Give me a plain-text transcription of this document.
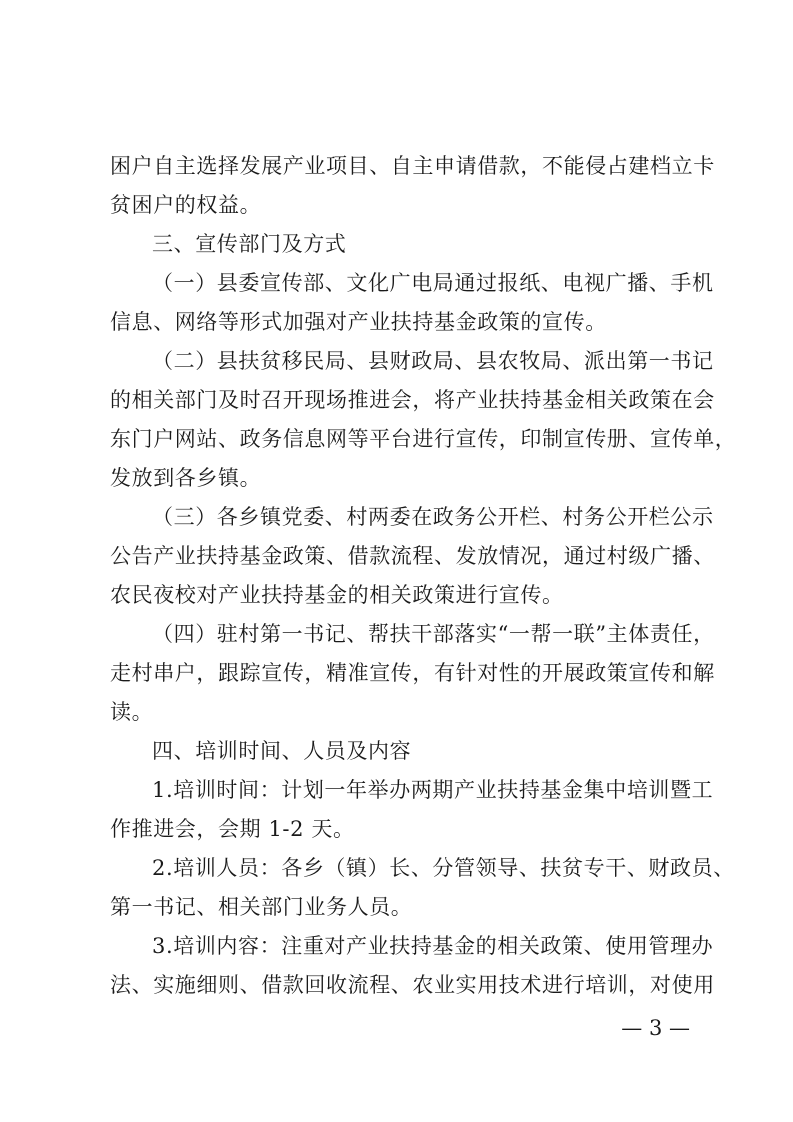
困户自主选择发展产业项目、自主申请借款，不能侵占建档立卡
贫困户的权益。
三、宣传部门及方式
（一）县委宣传部、文化广电局通过报纸、电视广播、手机
信息、网络等形式加强对产业扶持基金政策的宣传。
（二）县扶贫移民局、县财政局、县农牧局、派出第一书记
的相关部门及时召开现场推进会，将产业扶持基金相关政策在会
东门户网站、政务信息网等平台进行宣传，印制宣传册、宣传单，
发放到各乡镇。
（三）各乡镇党委、村两委在政务公开栏、村务公开栏公示
公告产业扶持基金政策、借款流程、发放情况，通过村级广播、
农民夜校对产业扶持基金的相关政策进行宣传。
（四）驻村第一书记、帮扶干部落实“一帮一联”主体责任，
走村串户，跟踪宣传，精准宣传，有针对性的开展政策宣传和解
读。
四、培训时间、人员及内容
1.培训时间：计划一年举办两期产业扶持基金集中培训暨工
作推进会，会期 1-2 天。
2.培训人员：各乡（镇）长、分管领导、扶贫专干、财政员、
第一书记、相关部门业务人员。
3.培训内容：注重对产业扶持基金的相关政策、使用管理办
法、实施细则、借款回收流程、农业实用技术进行培训，对使用
— 3 —
